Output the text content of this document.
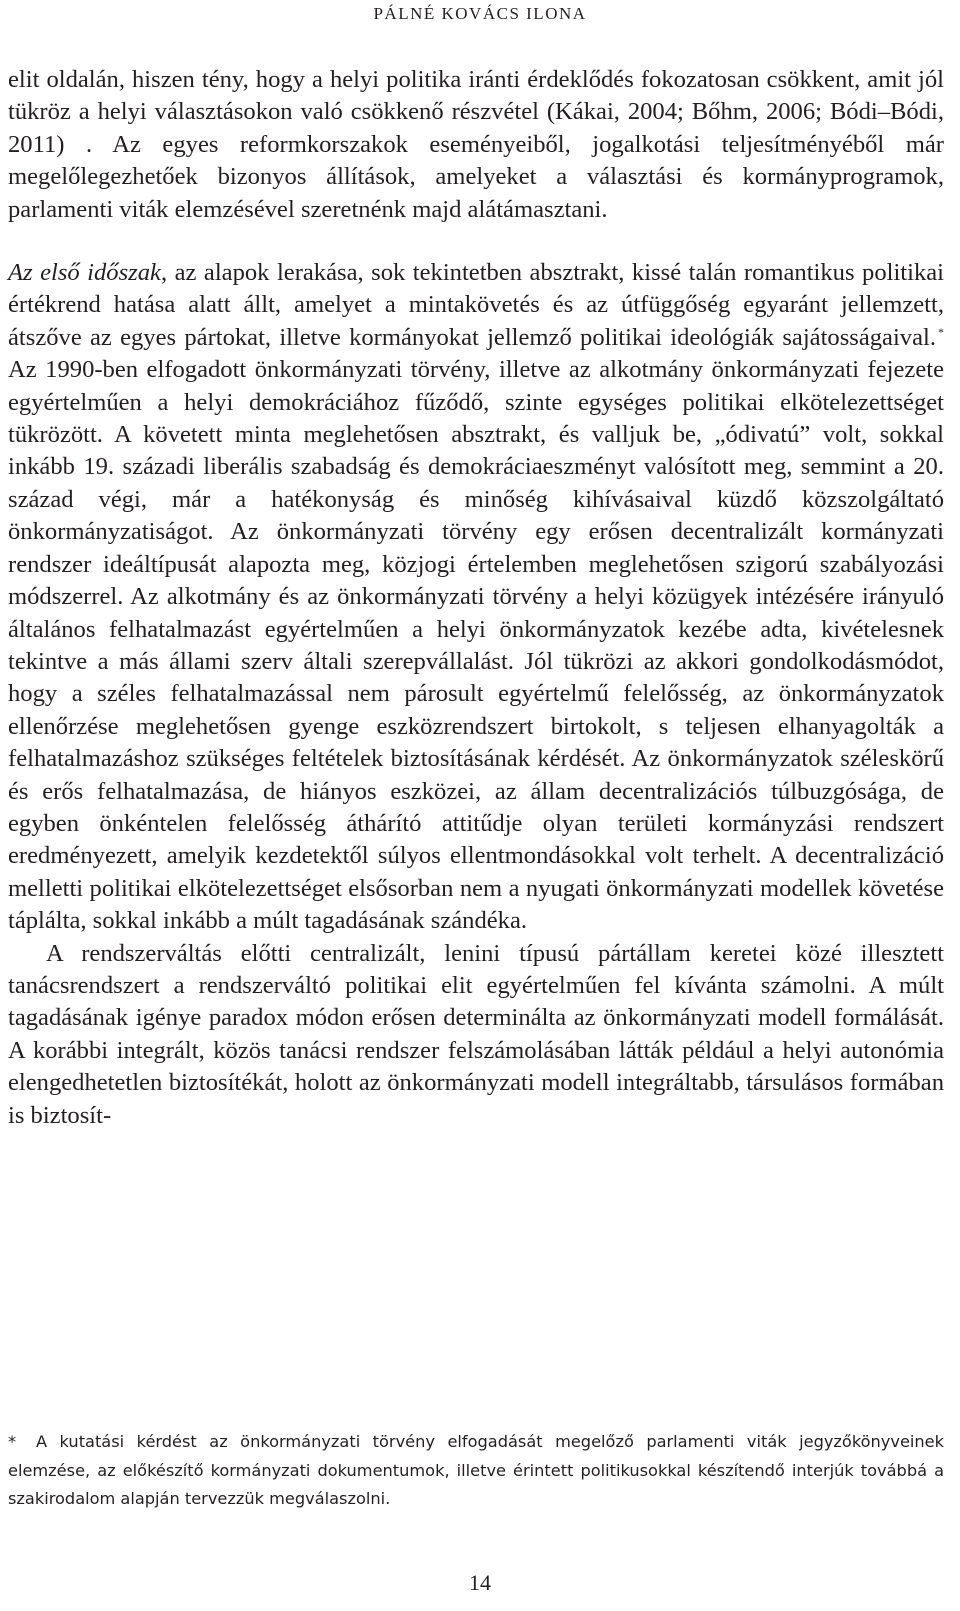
PÁLNÉ KOVÁCS ILONA

elit oldalán, hiszen tény, hogy a helyi politika iránti érdeklődés fokozatosan csökkent, amit jól tükröz a helyi választásokon való csökkenő részvétel (Kákai, 2004; Bőhm, 2006; Bódi–Bódi, 2011) . Az egyes reformkorszakok eseményeiből, jogalkotási teljesítményéből már megelőlegezhetőek bizonyos állítások, amelyeket a választási és kormányprogramok, parlamenti viták elemzésével szeretnénk majd alátámasztani.

Az első időszak, az alapok lerakása, sok tekintetben absztrakt, kissé talán romantikus politikai értékrend hatása alatt állt, amelyet a mintakövetés és az útfüggőség egyaránt jellemzett, átszőve az egyes pártokat, illetve kormányokat jellemző politikai ideológiák sajátosságaival. * Az 1990-ben elfogadott önkormányzati törvény, illetve az alkotmány önkormányzati fejezete egyértelműen a helyi demokráciához fűződő, szinte egységes politikai elkötelezettséget tükrözött. A követett minta meglehetősen absztrakt, és valljuk be, „ódivatú” volt, sokkal inkább 19. századi liberális szabadság és demokráciaeszményt valósított meg, semmint a 20. század végi, már a hatékonyság és minőség kihívásaival küzdő közszolgáltató önkormányzatiságot. Az önkormányzati törvény egy erősen decentralizált kormányzati rendszer ideáltípusát alapozta meg, közjogi értelemben meglehetősen szigorú szabályozási módszerrel. Az alkotmány és az önkormányzati törvény a helyi közügyek intézésére irányuló általános felhatalmazást egyértelműen a helyi önkormányzatok kezébe adta, kivételesnek tekintve a más állami szerv általi szerepvállalást. Jól tükrözi az akkori gondolkodásmódot, hogy a széles felhatalmazással nem párosult egyértelmű felelősség, az önkormányzatok ellenőrzése meglehetősen gyenge eszközrendszert birtokolt, s teljesen elhanyagolták a felhatalmazáshoz szükséges feltételek biztosításának kérdését. Az önkormányzatok széleskörű és erős felhatalmazása, de hiányos eszközei, az állam decentralizációs túlbuzgósága, de egyben önkéntelen felelősség áthárító attitűdje olyan területi kormányzási rendszert eredményezett, amelyik kezdetektől súlyos ellentmondásokkal volt terhelt. A decentralizáció melletti politikai elkötelezettséget elsősorban nem a nyugati önkormányzati modellek követése táplálta, sokkal inkább a múlt tagadásának szándéka.

A rendszerváltás előtti centralizált, lenini típusú pártállam keretei közé illesztett tanácsrendszert a rendszerváltó politikai elit egyértelműen fel kívánta számolni. A múlt tagadásának igénye paradox módon erősen determinálta az önkormányzati modell formálását. A korábbi integrált, közös tanácsi rendszer felszámolásában látták például a helyi autonómia elengedhetetlen biztosítékát, holott az önkormányzati modell integráltabb, társulásos formában is biztosít-

* A kutatási kérdést az önkormányzati törvény elfogadását megelőző parlamenti viták jegyzőkönyveinek elemzése, az előkészítő kormányzati dokumentumok, illetve érintett politikusokkal készítendő interjúk továbbá a szakirodalom alapján tervezzük megválaszolni.
14
